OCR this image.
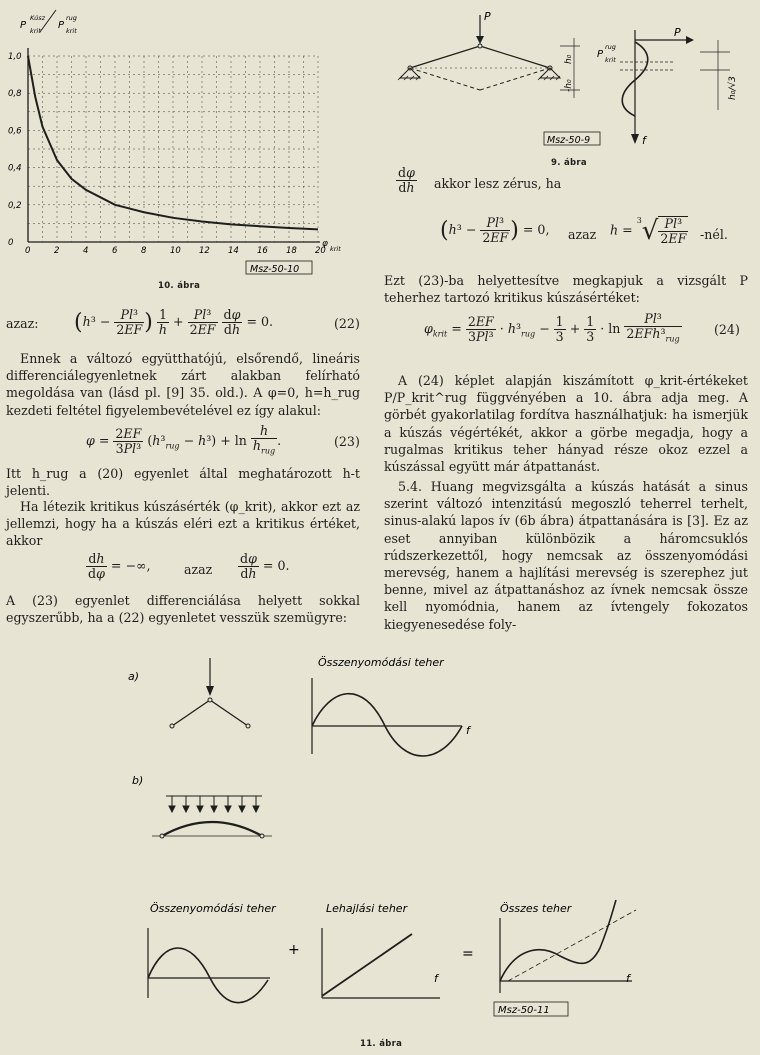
0	2	4	6	8	10 12 14 16 18 20
0
0,2
0,4
0,6
0,8
1,0
P
Kúsz
krit P
rug
krit
φ krit
Msz-50-10
10. ábra
P
h₀
-h₀
Msz-50-9
P
rug
krit
P
f
h₀/√3
9. ábra
azaz: ($h^3 - \frac{\text{Pl³}}{2EF}$ ) $\frac{1}{h} + \frac{\text{Pl³}}{2EF}$
$\frac{d\varphi}{dh} = 0$.	(22)
Ennek a változó együtthatójú, elsőrendő, lineáris differenciálegyenletnek zárt alakban felírható megoldása van (lásd pl. [9] 35. old.). A φ=0, h=h_rug kezdeti feltétel figyelembevételével ez így alakul:
$\varphi = \frac{2EF}{\text{3Pl³}} (h^3_{rug} - h^3) + \ln \frac{h}{h_{rug}}$ .	(23)
Itt h_rug a (20) egyenlet által meghatározott h-t jelenti.
Ha létezik kritikus kúszásérték (φ_krit), akkor ezt az jellemzi, hogy ha a kúszás eléri ezt a kritikus értéket, akkor
$\frac{dh}{d\varphi}$ = −∞,	azaz $\frac{d\varphi}{dh} = 0$.
A (23) egyenlet differenciálása helyett sokkal egyszerűbb, ha a (22) egyenletet vesszük szemügyre:
$\frac{d\varphi}{dh}$ akkor lesz zérus, ha
($h^3 - \frac{\text{Pl³}}{2EF}$ ) = 0, azaz $h = ^3√ \frac{\text{Pl³}}{2EF}$ -nél.
Ezt (23)-ba helyettesítve megkapjuk a vizsgált P teherhez tartozó kritikus kúszásértéket:
$\varphi_{krit} = \frac{2EF}{\text{3Pl³}} \cdot h^3_{rug} - \frac{1}{3} + \frac{1}{3} \cdot \ln \frac{\text{Pl³}}{2EFh^3_{rug}}$	(24)
A (24) képlet alapján kiszámított φ_krit-értékeket P/P_krit^rug függvényében a 10. ábra adja meg. A görbét gyakorlatilag fordítva használhatjuk: ha ismerjük a kúszás végértékét, akkor a görbe megadja, hogy a rugalmas kritikus teher hányad része okoz ezzel a kúszással együtt már átpattanást.
5.4. Huang megvizsgálta a kúszás hatását a sinus szerint változó intenzitású megoszló teherrel terhelt, sinus-alakú lapos ív (6b ábra) átpattanására is [3]. Ez az eset annyiban különbözik a háromcsuklós rúdszerkezettől, hogy nemcsak az összenyomódási merevség, hanem a hajlítási merevség is szerephez jut benne, mivel az átpattanáshoz az ívnek nemcsak össze kell nyomódnia, hanem az ívtengely fokozatos kiegyenesedése foly-
a)
b)
Összenyomódási teher
f
Összenyomódási teher
+
Lehajlási teher
f
=
Összes teher
f
Msz-50-11
11. ábra
